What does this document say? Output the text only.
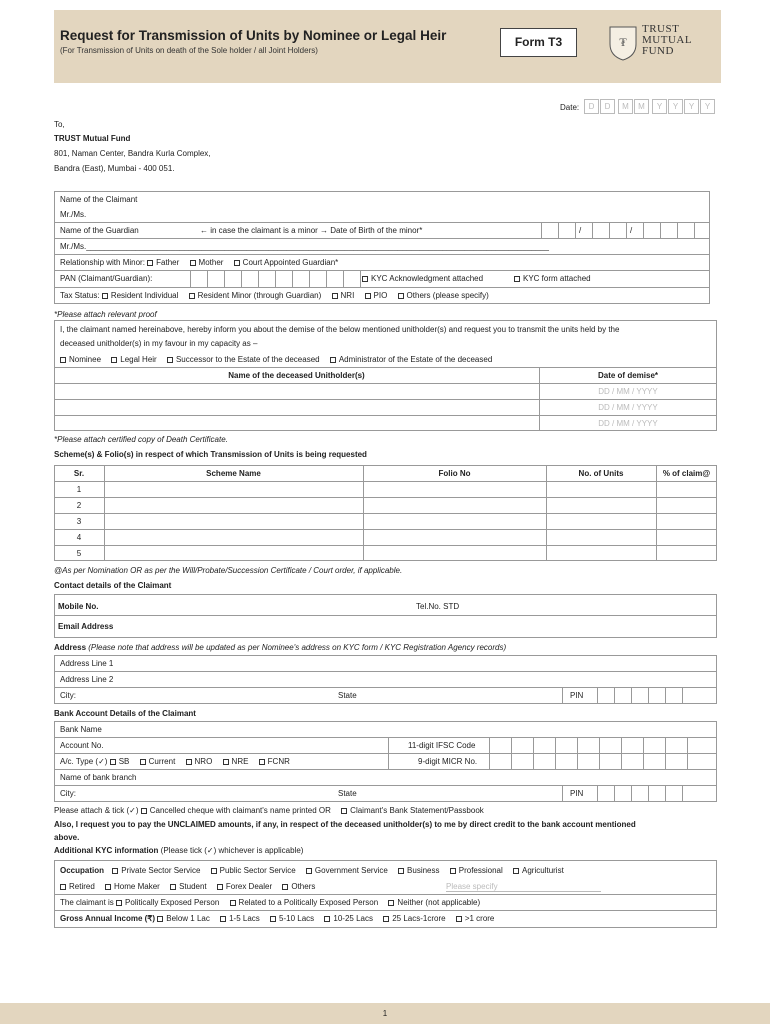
Request for Transmission of Units by Nominee or Legal Heir
(For Transmission of Units on death of the Sole holder / all Joint Holders)
Form T3	₮
TRUST
MUTUAL
FUND
Date:	D	D	M	M	Y	Y	Y	Y
To,
TRUST Mutual Fund
801, Naman Center, Bandra Kurla Complex,
Bandra (East), Mumbai - 400 051.
Name of the Claimant
Mr./Ms.
Name of the Guardian	← in case the claimant is a minor → Date of Birth of the minor*	/	/
Mr./Ms.________________________________________________________________________________________________________
Relationship with Minor: Father Mother Court Appointed Guardian*
PAN (Claimant/Guardian):	KYC Acknowledgment attached	KYC form attached
Tax Status: Resident Individual Resident Minor (through Guardian) NRI PIO Others (please specify)
*Please attach relevant proof
I, the claimant named hereinabove, hereby inform you about the demise of the below mentioned unitholder(s) and request you to transmit the units held by the
deceased unitholder(s) in my favour in my capacity as –
Nominee Legal Heir Successor to the Estate of the deceased Administrator of the Estate of the deceased
Name of the deceased Unitholder(s)	Date of demise*
DD / MM / YYYY
DD / MM / YYYY
DD / MM / YYYY
*Please attach certified copy of Death Certificate.
Scheme(s) & Folio(s) in respect of which Transmission of Units is being requested
Sr.	Scheme Name	Folio No	No. of Units	% of claim@
1
2
3
4
5
@As per Nomination OR as per the Will/Probate/Succession Certificate / Court order, if applicable.
Contact details of the Claimant
Mobile No.	Tel.No. STD
Email Address
Address (Please note that address will be updated as per Nominee's address on KYC form / KYC Registration Agency records)
Address Line 1
Address Line 2
City:	State	PIN
Bank Account Details of the Claimant
Bank Name
Account No.	11-digit IFSC Code
A/c. Type (✓) SB Current NRO NRE FCNR	9-digit MICR No.
Name of bank branch
City:	State	PIN
Please attach & tick (✓) Cancelled cheque with claimant's name printed OR Claimant's Bank Statement/Passbook
Also, I request you to pay the UNCLAIMED amounts, if any, in respect of the deceased unitholder(s) to me by direct credit to the bank account mentioned
above.
Additional KYC information (Please tick (✓) whichever is applicable)
Occupation Private Sector Service Public Sector Service Government Service Business Professional Agriculturist
Retired Home Maker Student Forex Dealer Others	Please specify
The claimant is Politically Exposed Person Related to a Politically Exposed Person Neither (not applicable)
Gross Annual Income (₹) Below 1 Lac 1-5 Lacs 5-10 Lacs 10-25 Lacs 25 Lacs-1crore >1 crore
1
